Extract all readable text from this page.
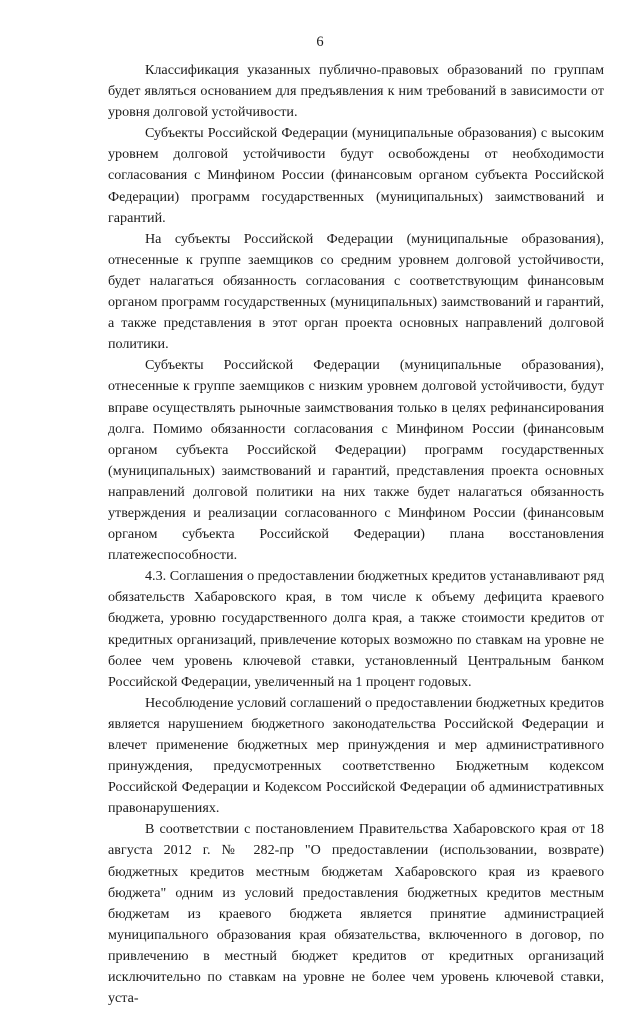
6

Классификация указанных публично-правовых образований по группам будет являться основанием для предъявления к ним требований в зависимости от уровня долговой устойчивости.

Субъекты Российской Федерации (муниципальные образования) с высоким уровнем долговой устойчивости будут освобождены от необходимости согласования с Минфином России (финансовым органом субъекта Российской Федерации) программ государственных (муниципальных) заимствований и гарантий.

На субъекты Российской Федерации (муниципальные образования), отнесенные к группе заемщиков со средним уровнем долговой устойчивости, будет налагаться обязанность согласования с соответствующим финансовым органом программ государственных (муниципальных) заимствований и гарантий, а также представления в этот орган проекта основных направлений долговой политики.

Субъекты Российской Федерации (муниципальные образования), отнесенные к группе заемщиков с низким уровнем долговой устойчивости, будут вправе осуществлять рыночные заимствования только в целях рефинансирования долга. Помимо обязанности согласования с Минфином России (финансовым органом субъекта Российской Федерации) программ государственных (муниципальных) заимствований и гарантий, представления проекта основных направлений долговой политики на них также будет налагаться обязанность утверждения и реализации согласованного с Минфином России (финансовым органом субъекта Российской Федерации) плана восстановления платежеспособности.

4.3. Соглашения о предоставлении бюджетных кредитов устанавливают ряд обязательств Хабаровского края, в том числе к объему дефицита краевого бюджета, уровню государственного долга края, а также стоимости кредитов от кредитных организаций, привлечение которых возможно по ставкам на уровне не более чем уровень ключевой ставки, установленный Центральным банком Российской Федерации, увеличенный на 1 процент годовых.

Несоблюдение условий соглашений о предоставлении бюджетных кредитов является нарушением бюджетного законодательства Российской Федерации и влечет применение бюджетных мер принуждения и мер административного принуждения, предусмотренных соответственно Бюджетным кодексом Российской Федерации и Кодексом Российской Федерации об административных правонарушениях.

В соответствии с постановлением Правительства Хабаровского края от 18 августа 2012 г. № 282-пр "О предоставлении (использовании, возврате) бюджетных кредитов местным бюджетам Хабаровского края из краевого бюджета" одним из условий предоставления бюджетных кредитов местным бюджетам из краевого бюджета является принятие администрацией муниципального образования края обязательства, включенного в договор, по привлечению в местный бюджет кредитов от кредитных организаций исключительно по ставкам на уровне не более чем уровень ключевой ставки, уста-
